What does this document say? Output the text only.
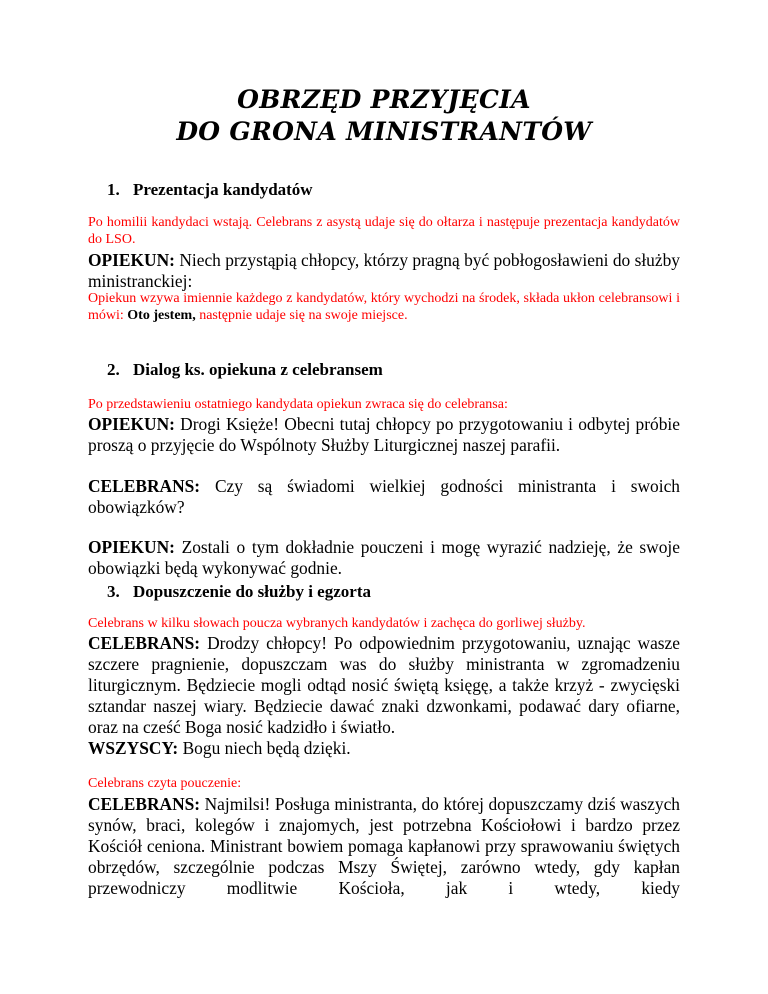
OBRZĘD PRZYJĘCIA
DO GRONA MINISTRANTÓW
1. Prezentacja kandydatów
Po homilii kandydaci wstają. Celebrans z asystą udaje się do ołtarza i następuje prezentacja kandydatów do LSO.
OPIEKUN: Niech przystąpią chłopcy, którzy pragną być pobłogosławieni do służby ministranckiej:
Opiekun wzywa imiennie każdego z kandydatów, który wychodzi na środek, składa ukłon celebransowi i mówi: Oto jestem, następnie udaje się na swoje miejsce.
2. Dialog ks. opiekuna z celebransem
Po przedstawieniu ostatniego kandydata opiekun zwraca się do celebransa:
OPIEKUN: Drogi Księże! Obecni tutaj chłopcy po przygotowaniu i odbytej próbie proszą o przyjęcie do Wspólnoty Służby Liturgicznej naszej parafii.
CELEBRANS: Czy są świadomi wielkiej godności ministranta i swoich obowiązków?
OPIEKUN: Zostali o tym dokładnie pouczeni i mogę wyrazić nadzieję, że swoje obowiązki będą wykonywać godnie.
3. Dopuszczenie do służby i egzorta
Celebrans w kilku słowach poucza wybranych kandydatów i zachęca do gorliwej służby.
CELEBRANS: Drodzy chłopcy! Po odpowiednim przygotowaniu, uznając wasze szczere pragnienie, dopuszczam was do służby ministranta w zgromadzeniu liturgicznym. Będziecie mogli odtąd nosić świętą księgę, a także krzyż - zwycięski sztandar naszej wiary. Będziecie dawać znaki dzwonkami, podawać dary ofiarne, oraz na cześć Boga nosić kadzidło i światło.
WSZYSCY: Bogu niech będą dzięki.
Celebrans czyta pouczenie:
CELEBRANS: Najmilsi! Posługa ministranta, do której dopuszczamy dziś waszych synów, braci, kolegów i znajomych, jest potrzebna Kościołowi i bardzo przez Kościół ceniona. Ministrant bowiem pomaga kapłanowi przy sprawowaniu świętych obrzędów, szczególnie podczas Mszy Świętej, zarówno wtedy, gdy kapłan przewodniczy modlitwie Kościoła, jak i wtedy, kiedy
